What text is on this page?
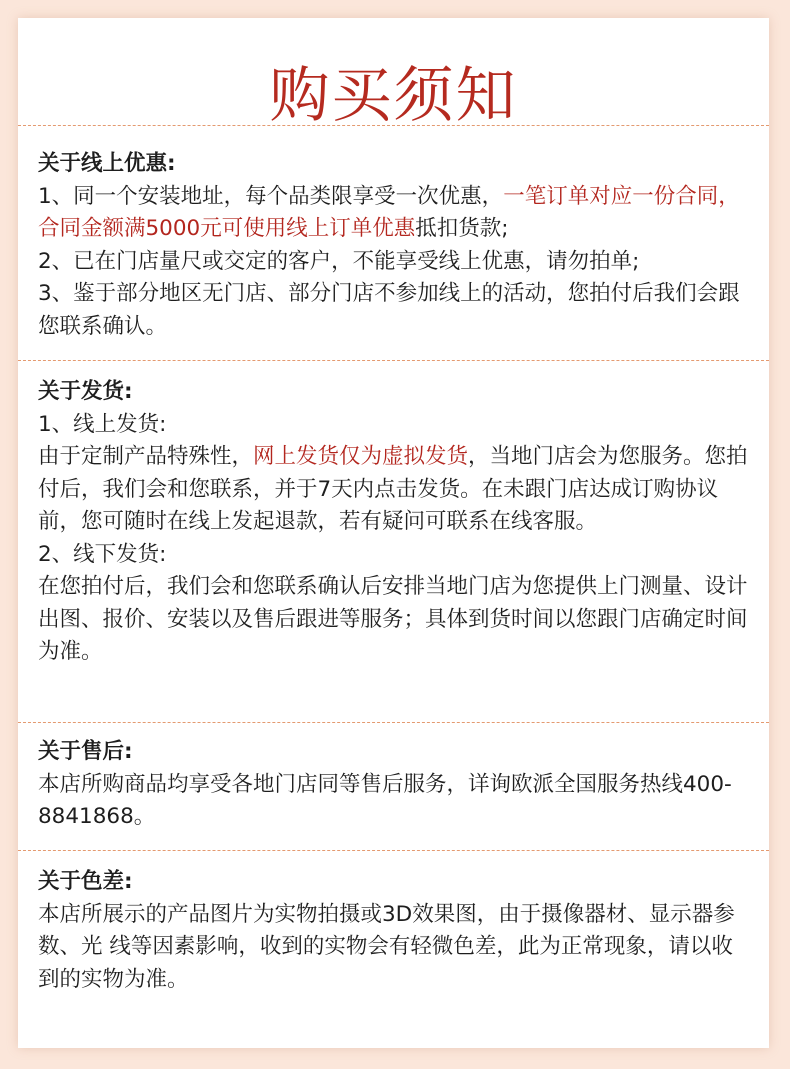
购买须知

关于线上优惠:

1、同一个安装地址，每个品类限享受一次优惠，一笔订单对应一份合同，合同金额满5000元可使用线上订单优惠抵扣货款;

2、已在门店量尺或交定的客户，不能享受线上优惠，请勿拍单;

3、鉴于部分地区无门店、部分门店不参加线上的活动，您拍付后我们会跟您联系确认。

关于发货:

1、线上发货:

由于定制产品特殊性，网上发货仅为虚拟发货，当地门店会为您服务。您拍付后，我们会和您联系，并于7天内点击发货。在未跟门店达成订购协议前，您可随时在线上发起退款，若有疑问可联系在线客服。

2、线下发货:

在您拍付后，我们会和您联系确认后安排当地门店为您提供上门测量、设计出图、报价、安装以及售后跟进等服务；具体到货时间以您跟门店确定时间为准。

关于售后:

本店所购商品均享受各地门店同等售后服务，详询欧派全国服务热线400-8841868。

关于色差:

本店所展示的产品图片为实物拍摄或3D效果图，由于摄像器材、显示器参数、光 线等因素影响，收到的实物会有轻微色差，此为正常现象，请以收到的实物为准。
